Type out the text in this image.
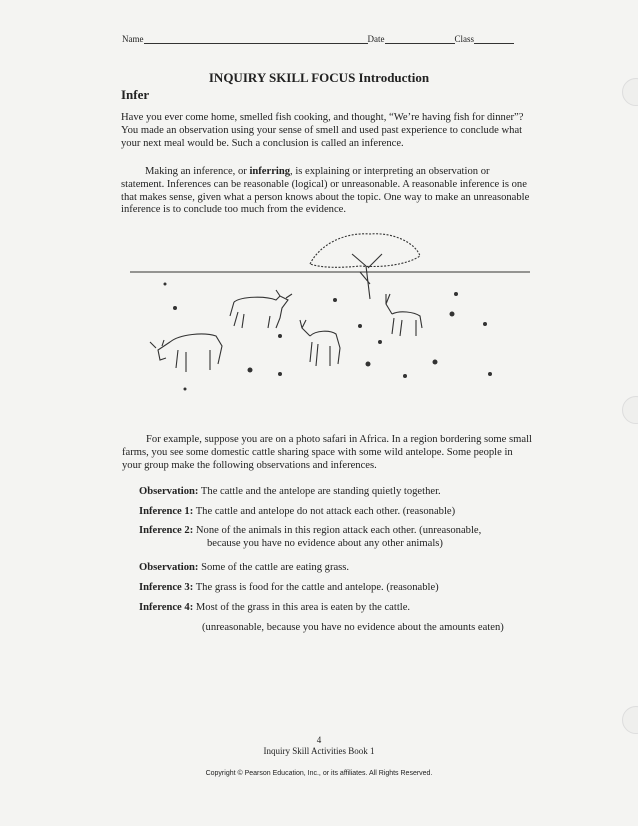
Name	Date	Class
INQUIRY SKILL FOCUS Introduction
Infer

Have you ever come home, smelled fish cooking, and thought, “We’re having fish for dinner”? You made an observation using your sense of smell and used past experience to conclude what your next meal would be. Such a conclusion is called an inference.

Making an inference, or inferring, is explaining or interpreting an observation or statement. Inferences can be reasonable (logical) or unreasonable. A reasonable inference is one that makes sense, given what a person knows about the topic. One way to make an unreasonable inference is to conclude too much from the evidence.

For example, suppose you are on a photo safari in Africa. In a region bordering some small farms, you see some domestic cattle sharing space with some wild antelope. Some people in your group make the following observations and inferences.

Observation: The cattle and the antelope are standing quietly together.
Inference 1: The cattle and antelope do not attack each other. (reasonable)
Inference 2: None of the animals in this region attack each other. (unreasonable,
because you have no evidence about any other animals)
Observation: Some of the cattle are eating grass.
Inference 3: The grass is food for the cattle and antelope. (reasonable)
Inference 4: Most of the grass in this area is eaten by the cattle.
(unreasonable, because you have no evidence about the amounts eaten)
4
Inquiry Skill Activities Book 1
Copyright © Pearson Education, Inc., or its affiliates. All Rights Reserved.
